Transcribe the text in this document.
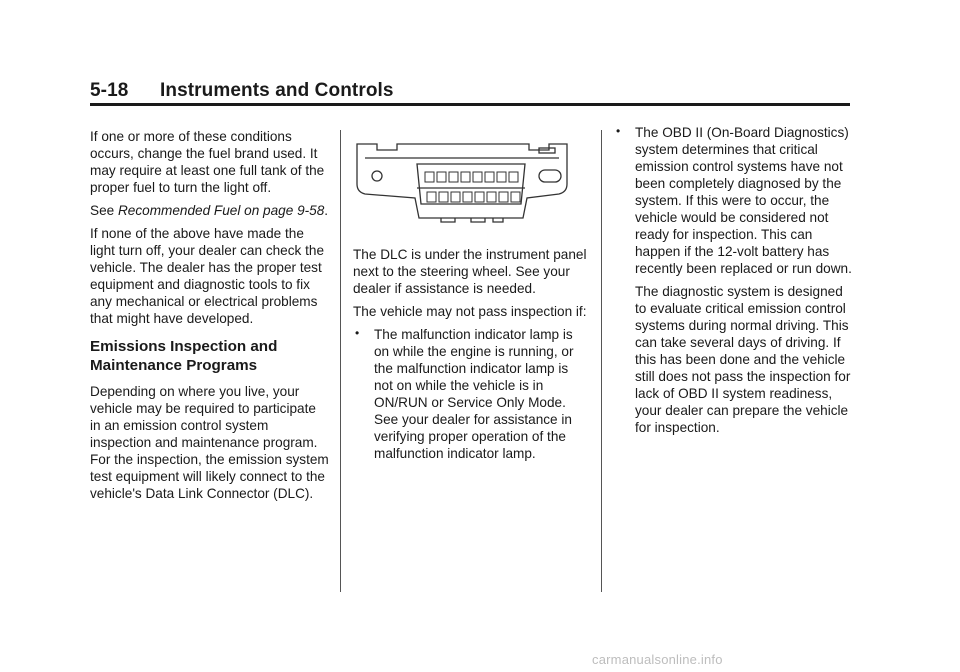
5-18 Instruments and Controls

If one or more of these conditions occurs, change the fuel brand used. It may require at least one full tank of the proper fuel to turn the light off.

See Recommended Fuel on page 9-58.

If none of the above have made the light turn off, your dealer can check the vehicle. The dealer has the proper test equipment and diagnostic tools to fix any mechanical or electrical problems that might have developed.

Emissions Inspection and Maintenance Programs

Depending on where you live, your vehicle may be required to participate in an emission control system inspection and maintenance program. For the inspection, the emission system test equipment will likely connect to the vehicle's Data Link Connector (DLC).

The DLC is under the instrument panel next to the steering wheel. See your dealer if assistance is needed.

The vehicle may not pass inspection if:

• The malfunction indicator lamp is on while the engine is running, or the malfunction indicator lamp is not on while the vehicle is in ON/RUN or Service Only Mode. See your dealer for assistance in verifying proper operation of the malfunction indicator lamp.
• The OBD II (On-Board Diagnostics) system determines that critical emission control systems have not been completely diagnosed by the system. If this were to occur, the vehicle would be considered not ready for inspection. This can happen if the 12-volt battery has recently been replaced or run down.

The diagnostic system is designed to evaluate critical emission control systems during normal driving. This can take several days of driving. If this has been done and the vehicle still does not pass the inspection for lack of OBD II system readiness, your dealer can prepare the vehicle for inspection.

carmanualsonline.info
